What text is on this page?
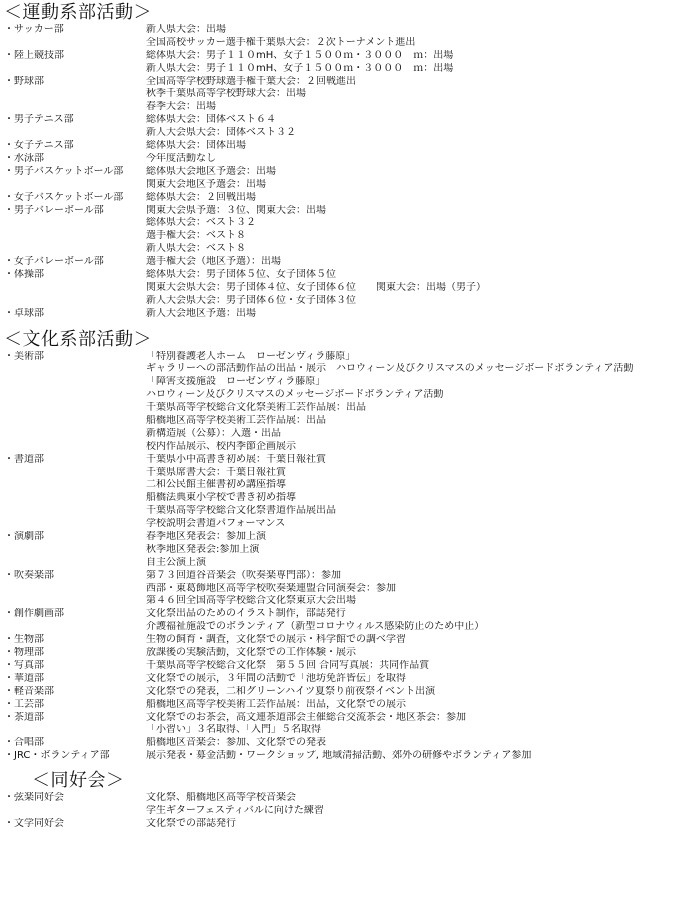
＜運動系部活動＞
・サッカー部	新人県大会：出場
全国高校サッカー選手権千葉県大会：２次トーナメント進出
・陸上競技部	総体県大会：男子１１０mH、女子１５００ｍ・３０００　ｍ：出場
新人県大会：男子１１０mH、女子１５００ｍ・３０００　ｍ：出場
・野球部	全国高等学校野球選手権千葉大会：２回戦進出
秋季千葉県高等学校野球大会：出場
春季大会：出場
・男子テニス部	総体県大会：団体ベスト６４
新人大会県大会：団体ベスト３２
・女子テニス部	総体県大会：団体出場
・水泳部	今年度活動なし
・男子バスケットボール部	総体県大会地区予選会：出場
関東大会地区予選会：出場
・女子バスケットボール部	総体県大会：２回戦出場
・男子バレーボール部	関東大会県予選：３位、関東大会：出場
総体県大会：ベスト３２
選手権大会：ベスト８
新人県大会：ベスト８
・女子バレーボール部	選手権大会（地区予選）：出場
・体操部	総体県大会：男子団体５位、女子団体５位
関東大会県大会：男子団体４位、女子団体６位　　関東大会：出場（男子）
新人大会県大会：男子団体６位・女子団体３位
・卓球部	新人大会地区予選：出場
＜文化系部活動＞
・美術部	「特別養護老人ホーム　ローゼンヴィラ藤原」
ギャラリーへの部活動作品の出品・展示　ハロウィーン及びクリスマスのメッセージボードボランティア活動
「障害支援施設　ローゼンヴィラ藤原」
ハロウィーン及びクリスマスのメッセージボードボランティア活動
千葉県高等学校総合文化祭美術工芸作品展：出品
船橋地区高等学校美術工芸作品展：出品
新構造展（公募）：入選・出品
校内作品展示、校内季節企画展示
・書道部	千葉県小中高書き初め展：千葉日報社賞
千葉県席書大会：千葉日報社賞
二和公民館主催書初め講座指導
船橋法典東小学校で書き初め指導
千葉県高等学校総合文化祭書道作品展出品
学校説明会書道パフォーマンス
・演劇部	春季地区発表会：参加上演
秋季地区発表会:参加上演
自主公演上演
・吹奏楽部	第７３回道谷音楽会（吹奏楽専門部）：参加
西部・東葛飾地区高等学校吹奏楽連盟合同演奏会：参加
第４６回全国高等学校総合文化祭東京大会出場
・創作劇画部	文化祭出品のためのイラスト制作，部誌発行
介護福祉施設でのボランティア（新型コロナウィルス感染防止のため中止）
・生物部	生物の飼育・調査，文化祭での展示・科学館での調べ学習
・物理部	放課後の実験活動，文化祭での工作体験・展示
・写真部	千葉県高等学校総合文化祭　第５５回 合同写真展：共同作品賞
・華道部	文化祭での展示，３年間の活動で「池坊免許皆伝」を取得
・軽音楽部	文化祭での発表，二和グリーンハイツ夏祭り前夜祭イベント出演
・工芸部	船橋地区高等学校美術工芸作品展：出品，文化祭での展示
・茶道部	文化祭でのお茶会，高文連茶道部会主催総合交流茶会・地区茶会：参加
「小習い」３名取得、「入門」５名取得
・合唱部	船橋地区音楽会：参加、文化祭での発表
・JRC・ボランティア部	展示発表・募金活動・ワークショップ, 地域清掃活動、郊外の研修やボランティア参加
＜同好会＞
・弦楽同好会	文化祭、船橋地区高等学校音楽会
学生ギターフェスティバルに向けた練習
・文学同好会	文化祭での部誌発行
